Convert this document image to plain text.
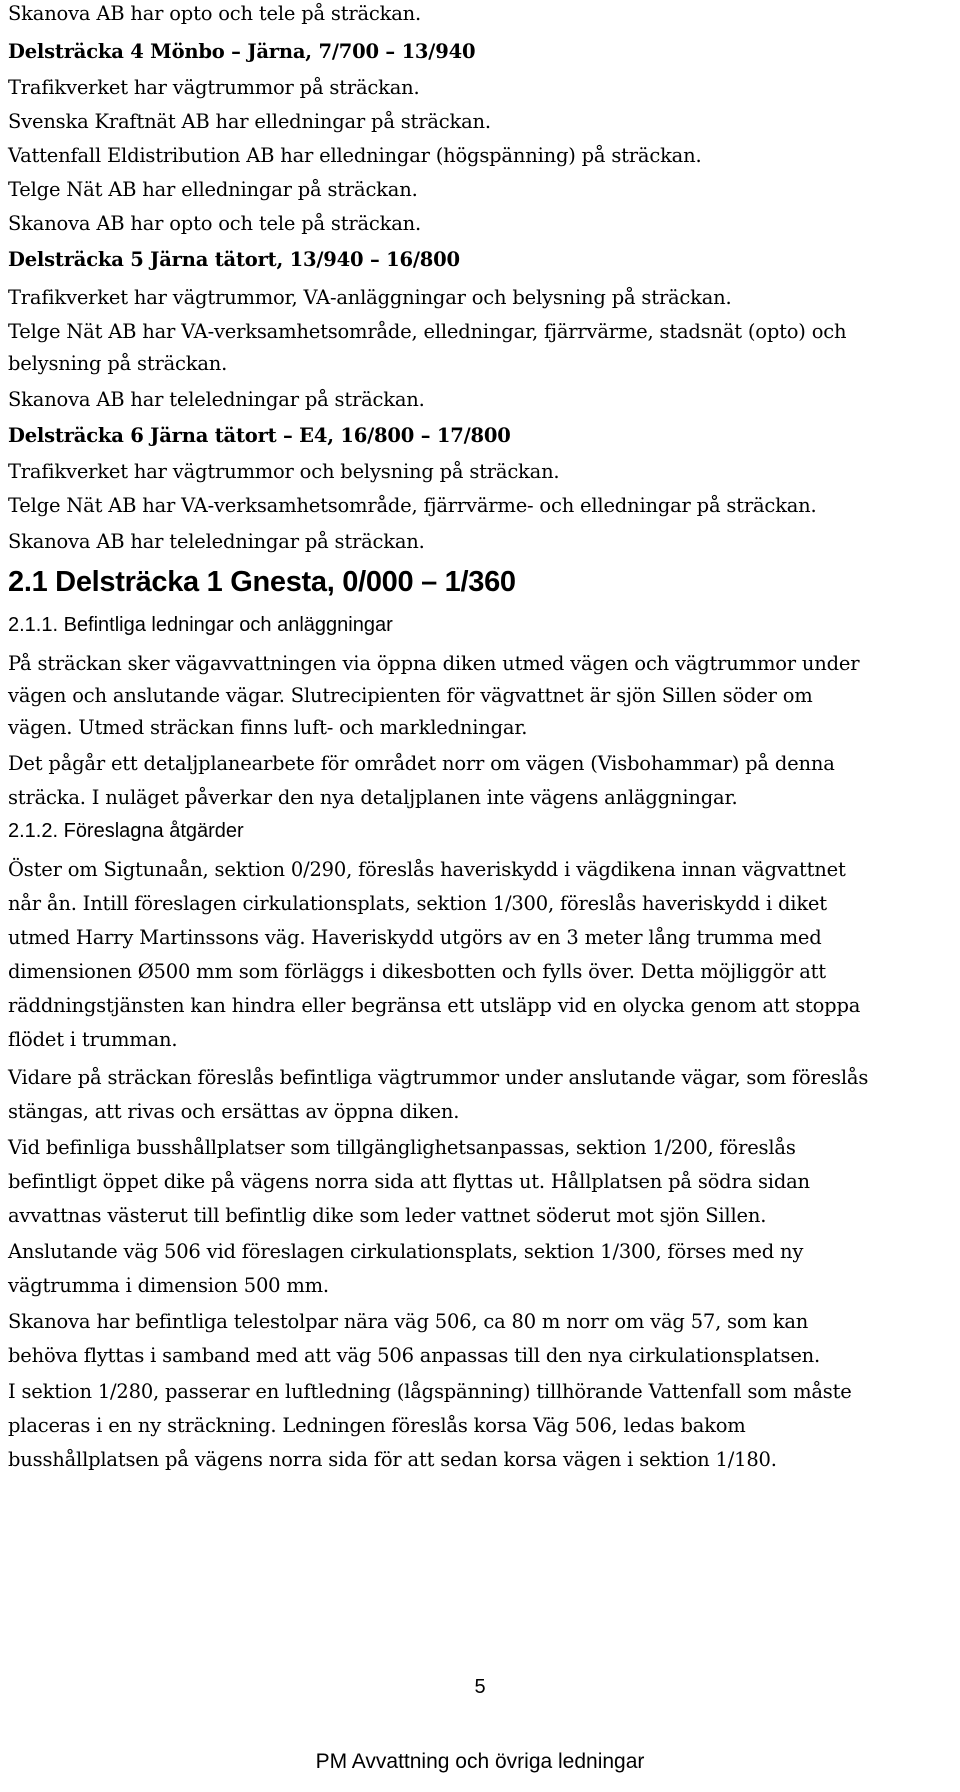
Skanova AB har opto och tele på sträckan.
Delsträcka 4 Mönbo – Järna, 7/700 – 13/940
Trafikverket har vägtrummor på sträckan.
Svenska Kraftnät AB har elledningar på sträckan.
Vattenfall Eldistribution AB har elledningar (högspänning) på sträckan.
Telge Nät AB har elledningar på sträckan.
Skanova AB har opto och tele på sträckan.
Delsträcka 5 Järna tätort, 13/940 – 16/800
Trafikverket har vägtrummor, VA-anläggningar och belysning på sträckan.
Telge Nät AB har VA-verksamhetsområde, elledningar, fjärrvärme, stadsnät (opto) och
belysning på sträckan.
Skanova AB har teleledningar på sträckan.
Delsträcka 6 Järna tätort – E4, 16/800 – 17/800
Trafikverket har vägtrummor och belysning på sträckan.
Telge Nät AB har VA-verksamhetsområde, fjärrvärme- och elledningar på sträckan.
Skanova AB har teleledningar på sträckan.
2.1 Delsträcka 1 Gnesta, 0/000 – 1/360
2.1.1. Befintliga ledningar och anläggningar
På sträckan sker vägavvattningen via öppna diken utmed vägen och vägtrummor under
vägen och anslutande vägar. Slutrecipienten för vägvattnet är sjön Sillen söder om
vägen. Utmed sträckan finns luft- och markledningar.
Det pågår ett detaljplanearbete för området norr om vägen (Visbohammar) på denna
sträcka. I nuläget påverkar den nya detaljplanen inte vägens anläggningar.
2.1.2. Föreslagna åtgärder
Öster om Sigtunaån, sektion 0/290, föreslås haveriskydd i vägdikena innan vägvattnet
når ån. Intill föreslagen cirkulationsplats, sektion 1/300, föreslås haveriskydd i diket
utmed Harry Martinssons väg. Haveriskydd utgörs av en 3 meter lång trumma med
dimensionen Ø500 mm som förläggs i dikesbotten och fylls över. Detta möjliggör att
räddningstjänsten kan hindra eller begränsa ett utsläpp vid en olycka genom att stoppa
flödet i trumman.
Vidare på sträckan föreslås befintliga vägtrummor under anslutande vägar, som föreslås
stängas, att rivas och ersättas av öppna diken.
Vid befinliga busshållplatser som tillgänglighetsanpassas, sektion 1/200, föreslås
befintligt öppet dike på vägens norra sida att flyttas ut. Hållplatsen på södra sidan
avvattnas västerut till befintlig dike som leder vattnet söderut mot sjön Sillen.
Anslutande väg 506 vid föreslagen cirkulationsplats, sektion 1/300, förses med ny
vägtrumma i dimension 500 mm.
Skanova har befintliga telestolpar nära väg 506, ca 80 m norr om väg 57, som kan
behöva flyttas i samband med att väg 506 anpassas till den nya cirkulationsplatsen.
I sektion 1/280, passerar en luftledning (lågspänning) tillhörande Vattenfall som måste
placeras i en ny sträckning. Ledningen föreslås korsa Väg 506, ledas bakom
busshållplatsen på vägens norra sida för att sedan korsa vägen i sektion 1/180.
5
PM Avvattning och övriga ledningar
